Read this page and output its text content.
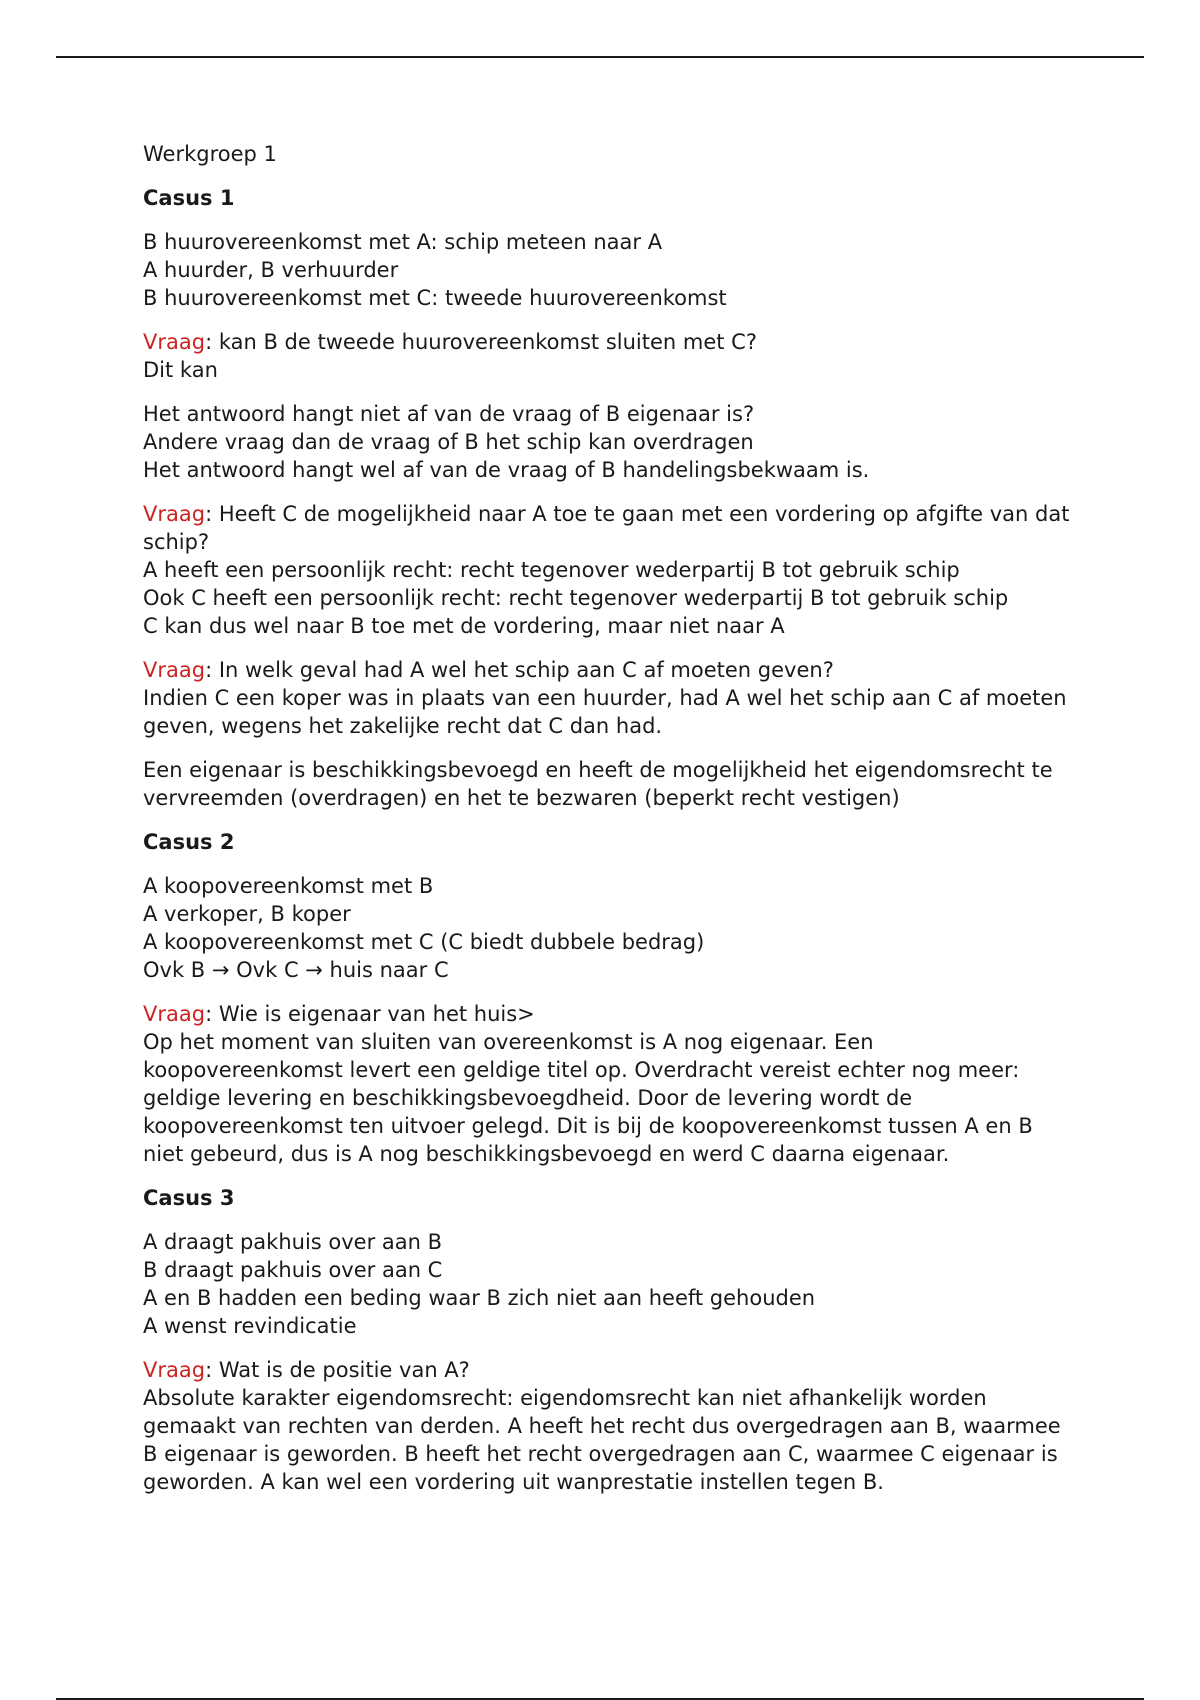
Werkgroep 1

Casus 1

B huurovereenkomst met A: schip meteen naar A
A huurder, B verhuurder
B huurovereenkomst met C: tweede huurovereenkomst

Vraag: kan B de tweede huurovereenkomst sluiten met C?
Dit kan

Het antwoord hangt niet af van de vraag of B eigenaar is?
Andere vraag dan de vraag of B het schip kan overdragen
Het antwoord hangt wel af van de vraag of B handelingsbekwaam is.

Vraag: Heeft C de mogelijkheid naar A toe te gaan met een vordering op afgifte van dat schip?
A heeft een persoonlijk recht: recht tegenover wederpartij B tot gebruik schip
Ook C heeft een persoonlijk recht: recht tegenover wederpartij B tot gebruik schip
C kan dus wel naar B toe met de vordering, maar niet naar A

Vraag: In welk geval had A wel het schip aan C af moeten geven?
Indien C een koper was in plaats van een huurder, had A wel het schip aan C af moeten geven, wegens het zakelijke recht dat C dan had.

Een eigenaar is beschikkingsbevoegd en heeft de mogelijkheid het eigendomsrecht te vervreemden (overdragen) en het te bezwaren (beperkt recht vestigen)

Casus 2

A koopovereenkomst met B
A verkoper, B koper
A koopovereenkomst met C (C biedt dubbele bedrag)
Ovk B → Ovk C → huis naar C

Vraag: Wie is eigenaar van het huis>
Op het moment van sluiten van overeenkomst is A nog eigenaar. Een koopovereenkomst levert een geldige titel op. Overdracht vereist echter nog meer: geldige levering en beschikkingsbevoegdheid. Door de levering wordt de koopovereenkomst ten uitvoer gelegd. Dit is bij de koopovereenkomst tussen A en B niet gebeurd, dus is A nog beschikkingsbevoegd en werd C daarna eigenaar.

Casus 3

A draagt pakhuis over aan B
B draagt pakhuis over aan C
A en B hadden een beding waar B zich niet aan heeft gehouden
A wenst revindicatie

Vraag: Wat is de positie van A?
Absolute karakter eigendomsrecht: eigendomsrecht kan niet afhankelijk worden gemaakt van rechten van derden. A heeft het recht dus overgedragen aan B, waarmee B eigenaar is geworden. B heeft het recht overgedragen aan C, waarmee C eigenaar is geworden. A kan wel een vordering uit wanprestatie instellen tegen B.
